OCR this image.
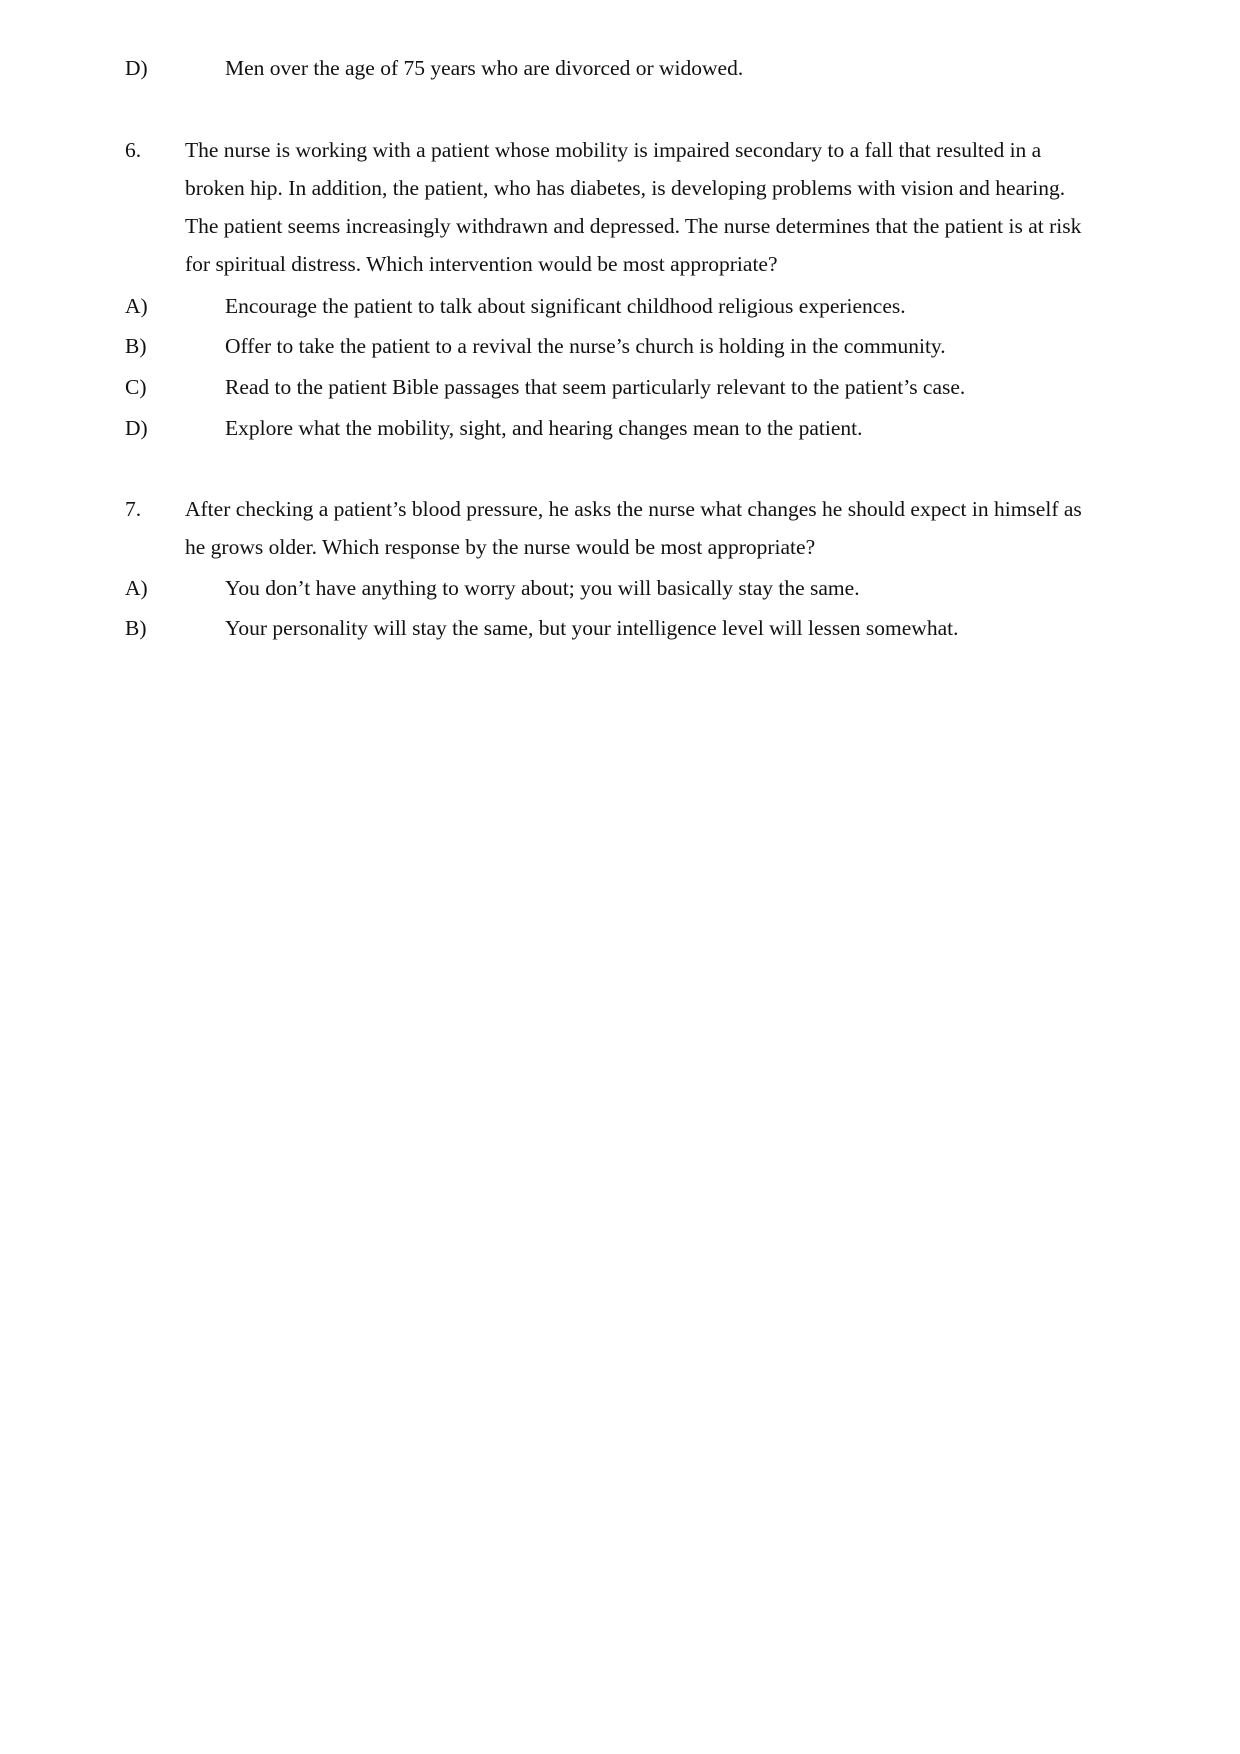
D)	Men over the age of 75 years who are divorced or widowed.
6. The nurse is working with a patient whose mobility is impaired secondary to a fall that resulted in a
broken hip. In addition, the patient, who has diabetes, is developing problems with vision and hearing.
The patient seems increasingly withdrawn and depressed. The nurse determines that the patient is at risk
for spiritual distress. Which intervention would be most appropriate?
A)	Encourage the patient to talk about significant childhood religious experiences.
B)	Offer to take the patient to a revival the nurse’s church is holding in the community.
C)	Read to the patient Bible passages that seem particularly relevant to the patient’s case.
D)	Explore what the mobility, sight, and hearing changes mean to the patient.
7. After checking a patient’s blood pressure, he asks the nurse what changes he should expect in himself as
he grows older. Which response by the nurse would be most appropriate?
A)	You don’t have anything to worry about; you will basically stay the same.
B)	Your personality will stay the same, but your intelligence level will lessen somewhat.
